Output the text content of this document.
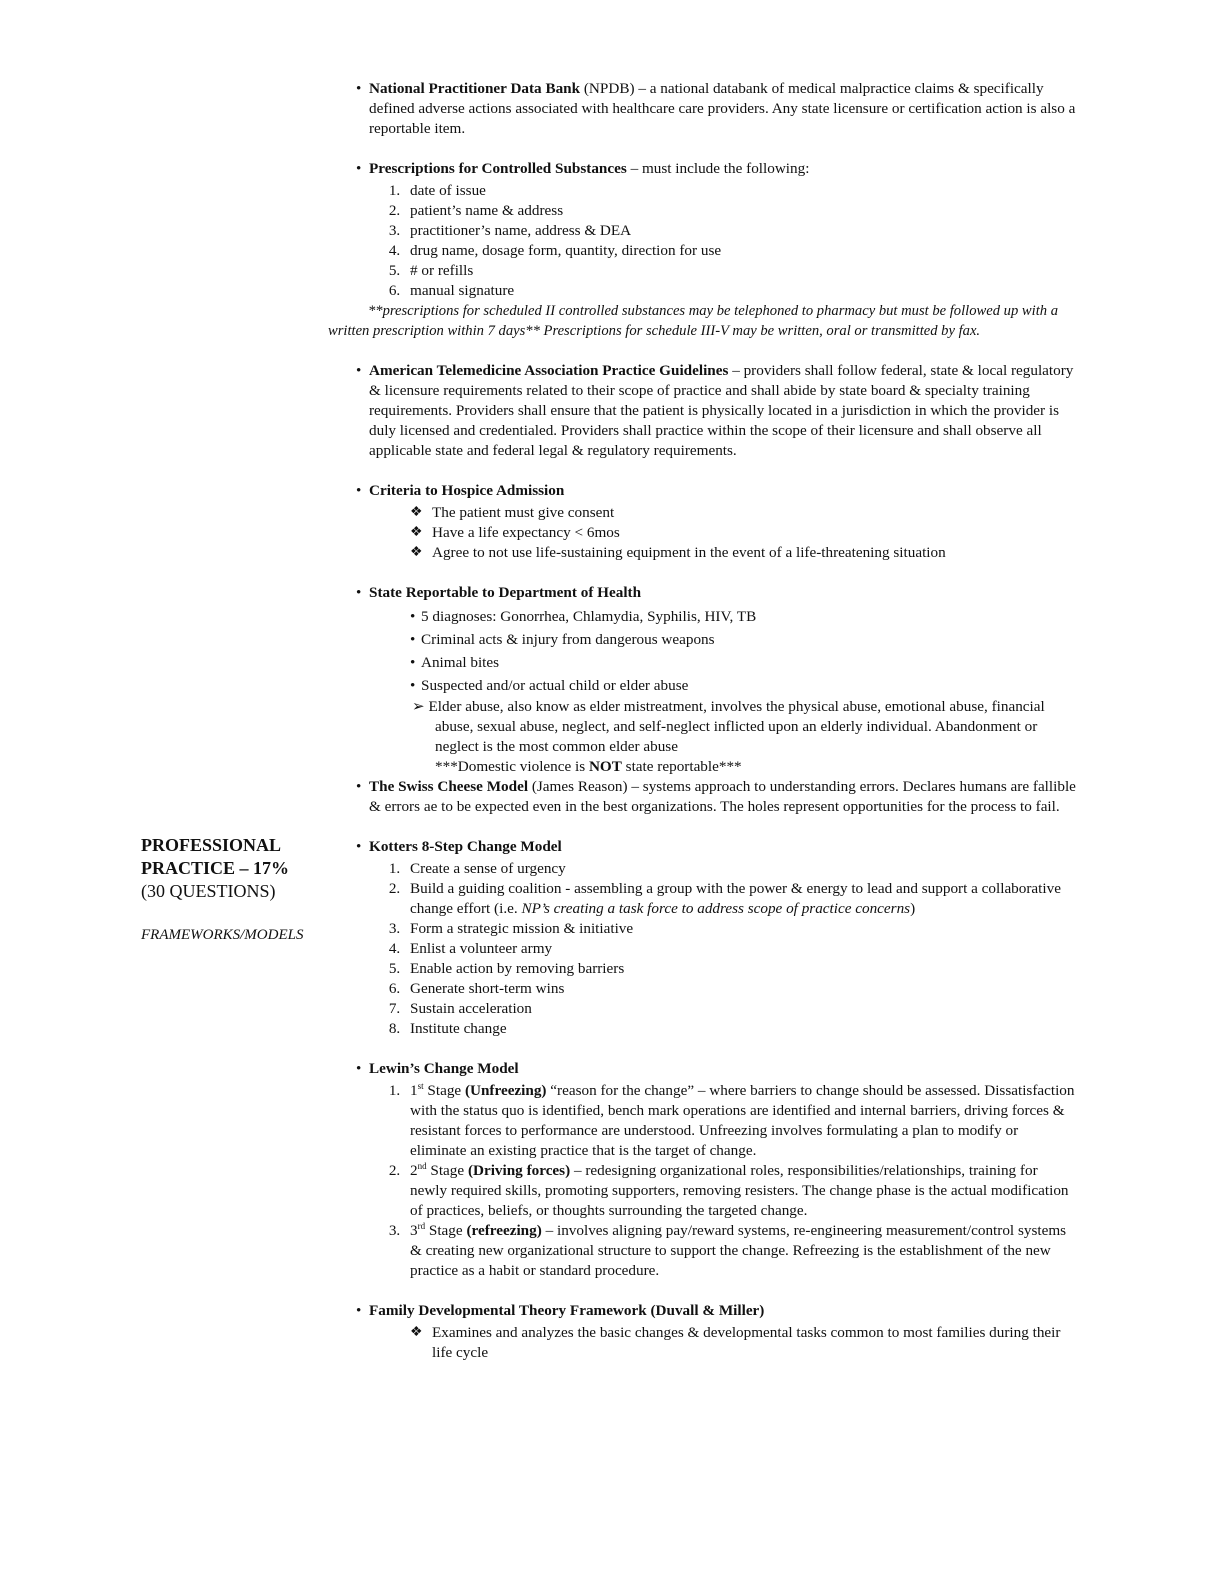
PROFESSIONAL PRACTICE – 17%
(30 QUESTIONS)
FRAMEWORKS/MODELS
• National Practitioner Data Bank (NPDB) – a national databank of medical malpractice claims & specifically defined adverse actions associated with healthcare care providers. Any state licensure or certification action is also a reportable item.
• Prescriptions for Controlled Substances – must include the following:
1. date of issue
2. patient’s name & address
3. practitioner’s name, address & DEA
4. drug name, dosage form, quantity, direction for use
5. # or refills
6. manual signature
**prescriptions for scheduled II controlled substances may be telephoned to pharmacy but must be followed up with a written prescription within 7 days** Prescriptions for schedule III-V may be written, oral or transmitted by fax.
• American Telemedicine Association Practice Guidelines – providers shall follow federal, state & local regulatory & licensure requirements related to their scope of practice and shall abide by state board & specialty training requirements. Providers shall ensure that the patient is physically located in a jurisdiction in which the provider is duly licensed and credentialed. Providers shall practice within the scope of their licensure and shall observe all applicable state and federal legal & regulatory requirements.
• Criteria to Hospice Admission
❖ The patient must give consent
❖ Have a life expectancy < 6mos
❖ Agree to not use life-sustaining equipment in the event of a life-threatening situation
• State Reportable to Department of Health
• 5 diagnoses: Gonorrhea, Chlamydia, Syphilis, HIV, TB
• Criminal acts & injury from dangerous weapons
• Animal bites
• Suspected and/or actual child or elder abuse
➢ Elder abuse, also know as elder mistreatment, involves the physical abuse, emotional abuse, financial abuse, sexual abuse, neglect, and self-neglect inflicted upon an elderly individual. Abandonment or neglect is the most common elder abuse
***Domestic violence is NOT state reportable***
• The Swiss Cheese Model (James Reason) – systems approach to understanding errors. Declares humans are fallible & errors ae to be expected even in the best organizations. The holes represent opportunities for the process to fail.
• Kotters 8-Step Change Model
1. Create a sense of urgency
2. Build a guiding coalition - assembling a group with the power & energy to lead and support a collaborative change effort (i.e. NP’s creating a task force to address scope of practice concerns)
3. Form a strategic mission & initiative
4. Enlist a volunteer army
5. Enable action by removing barriers
6. Generate short-term wins
7. Sustain acceleration
8. Institute change
• Lewin’s Change Model
1. 1st Stage (Unfreezing) “reason for the change” – where barriers to change should be assessed. Dissatisfaction with the status quo is identified, bench mark operations are identified and internal barriers, driving forces & resistant forces to performance are understood. Unfreezing involves formulating a plan to modify or eliminate an existing practice that is the target of change.
2. 2nd Stage (Driving forces) – redesigning organizational roles, responsibilities/relationships, training for newly required skills, promoting supporters, removing resisters. The change phase is the actual modification of practices, beliefs, or thoughts surrounding the targeted change.
3. 3rd Stage (refreezing) – involves aligning pay/reward systems, re-engineering measurement/control systems & creating new organizational structure to support the change. Refreezing is the establishment of the new practice as a habit or standard procedure.
• Family Developmental Theory Framework (Duvall & Miller)
❖ Examines and analyzes the basic changes & developmental tasks common to most families during their life cycle
